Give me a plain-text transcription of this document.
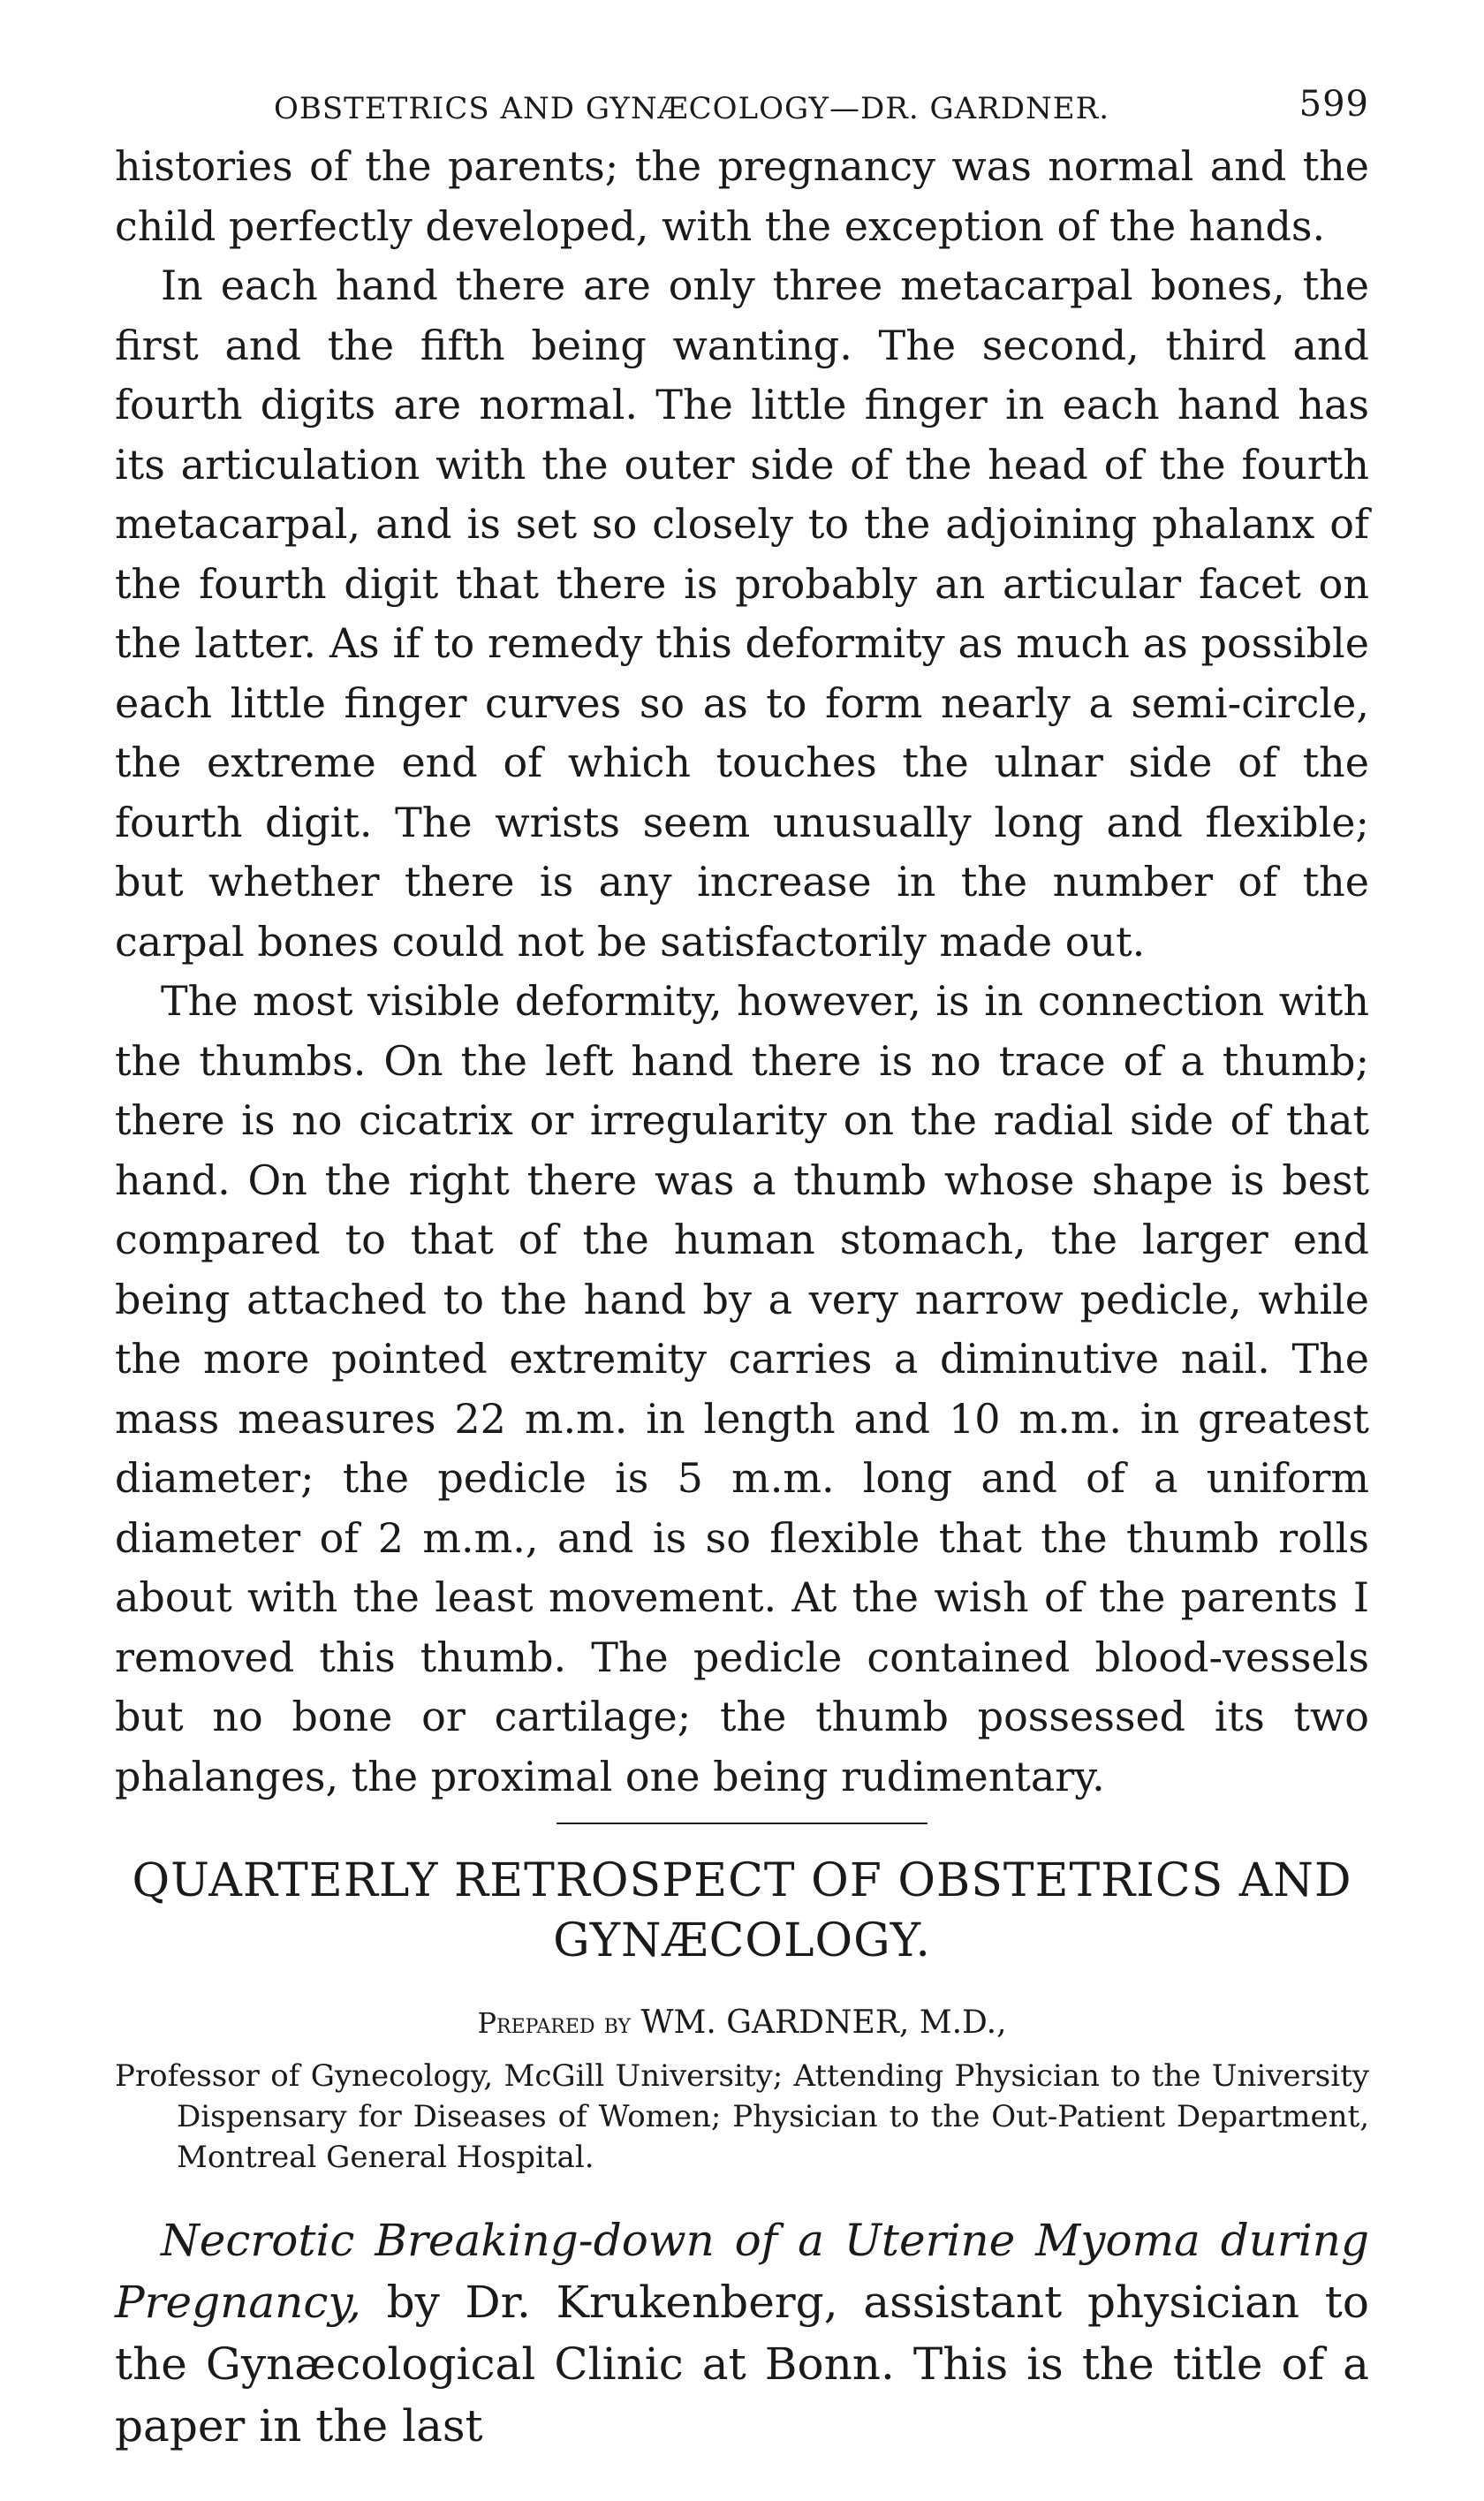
OBSTETRICS AND GYNÆCOLOGY—DR. GARDNER.	599

histories of the parents; the pregnancy was normal and the child perfectly developed, with the exception of the hands.

In each hand there are only three metacarpal bones, the first and the fifth being wanting. The second, third and fourth digits are normal. The little finger in each hand has its articulation with the outer side of the head of the fourth metacarpal, and is set so closely to the adjoining phalanx of the fourth digit that there is probably an articular facet on the latter. As if to remedy this deformity as much as possible each little finger curves so as to form nearly a semi-circle, the extreme end of which touches the ulnar side of the fourth digit. The wrists seem unusually long and flexible; but whether there is any increase in the number of the carpal bones could not be satisfactorily made out.

The most visible deformity, however, is in connection with the thumbs. On the left hand there is no trace of a thumb; there is no cicatrix or irregularity on the radial side of that hand. On the right there was a thumb whose shape is best compared to that of the human stomach, the larger end being attached to the hand by a very narrow pedicle, while the more pointed extremity carries a diminutive nail. The mass measures 22 m.m. in length and 10 m.m. in greatest diameter; the pedicle is 5 m.m. long and of a uniform diameter of 2 m.m., and is so flexible that the thumb rolls about with the least movement. At the wish of the parents I removed this thumb. The pedicle contained blood-vessels but no bone or cartilage; the thumb possessed its two phalanges, the proximal one being rudimentary.

QUARTERLY RETROSPECT OF OBSTETRICS AND

GYNÆCOLOGY.

Prepared by WM. GARDNER, M.D.,
Professor of Gynecology, McGill University; Attending Physician to the University Dispensary for Diseases of Women; Physician to the Out-Patient Department, Montreal General Hospital.

Necrotic Breaking-down of a Uterine Myoma during Pregnancy, by Dr. Krukenberg, assistant physician to the Gynæcological Clinic at Bonn. This is the title of a paper in the last
